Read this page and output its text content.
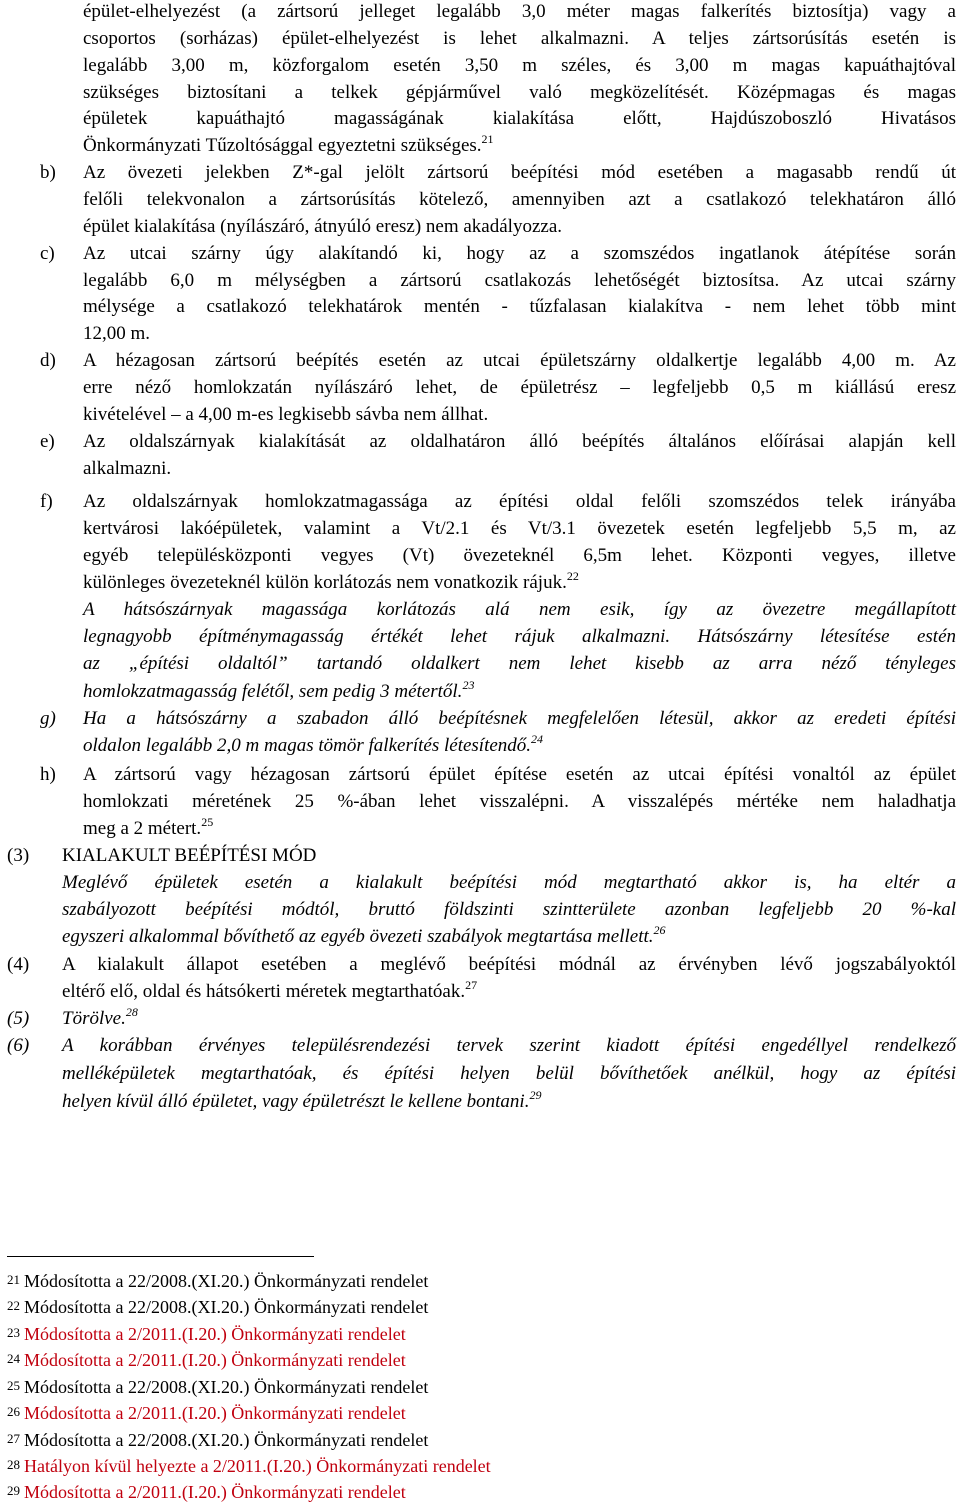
épület-elhelyezést (a zártsorú jelleget legalább 3,0 méter magas falkerítés biztosítja) vagy a
csoportos (sorházas) épület-elhelyezést is lehet alkalmazni. A teljes zártsorúsítás esetén is
legalább 3,00 m, közforgalom esetén 3,50 m széles, és 3,00 m magas kapuáthajtóval
szükséges biztosítani a telkek gépjárművel való megközelítését. Középmagas és magas
épületek kapuáthajtó magasságának kialakítása előtt, Hajdúszoboszló Hivatásos
Önkormányzati Tűzoltósággal egyeztetni szükséges.$^{21}$
b) Az övezeti jelekben Z*-gal jelölt zártsorú beépítési mód esetében a magasabb rendű út
felőli telekvonalon a zártsorúsítás kötelező, amennyiben azt a csatlakozó telekhatáron álló
épület kialakítása (nyílászáró, átnyúló eresz) nem akadályozza.
c) Az utcai szárny úgy alakítandó ki, hogy az a szomszédos ingatlanok átépítése során
legalább 6,0 m mélységben a zártsorú csatlakozás lehetőségét biztosítsa. Az utcai szárny
mélysége a csatlakozó telekhatárok mentén - tűzfalasan kialakítva - nem lehet több mint
12,00 m.
d) A hézagosan zártsorú beépítés esetén az utcai épületszárny oldalkertje legalább 4,00 m. Az
erre néző homlokzatán nyílászáró lehet, de épületrész – legfeljebb 0,5 m kiállású eresz
kivételével – a 4,00 m-es legkisebb sávba nem állhat.
e) Az oldalszárnyak kialakítását az oldalhatáron álló beépítés általános előírásai alapján kell
alkalmazni.
f) Az oldalszárnyak homlokzatmagassága az építési oldal felőli szomszédos telek irányába
kertvárosi lakóépületek, valamint a Vt/2.1 és Vt/3.1 övezetek esetén legfeljebb 5,5 m, az
egyéb településközponti vegyes (Vt) övezeteknél 6,5m lehet. Központi vegyes, illetve
különleges övezeteknél külön korlátozás nem vonatkozik rájuk.$^{22}$
A hátsószárnyak magassága korlátozás alá nem esik, így az övezetre megállapított
legnagyobb építménymagasság értékét lehet rájuk alkalmazni. Hátsószárny létesítése estén
az „építési oldaltól” tartandó oldalkert nem lehet kisebb az arra néző tényleges
homlokzatmagasság felétől, sem pedig 3 métertől.$^{23}$
g) Ha a hátsószárny a szabadon álló beépítésnek megfelelően létesül, akkor az eredeti építési
oldalon legalább 2,0 m magas tömör falkerítés létesítendő.$^{24}$
h) A zártsorú vagy hézagosan zártsorú épület építése esetén az utcai építési vonaltól az épület
homlokzati méretének 25 %-ában lehet visszalépni. A visszalépés mértéke nem haladhatja
meg a 2 métert.$^{25}$
(3) KIALAKULT BEÉPÍTÉSI MÓD
Meglévő épületek esetén a kialakult beépítési mód megtartható akkor is, ha eltér a
szabályozott beépítési módtól, bruttó földszinti szintterülete azonban legfeljebb 20 %-kal
egyszeri alkalommal bővíthető az egyéb övezeti szabályok megtartása mellett.$^{26}$
(4) A kialakult állapot esetében a meglévő beépítési módnál az érvényben lévő jogszabályoktól
eltérő elő, oldal és hátsókerti méretek megtarthatóak.$^{27}$
(5) Törölve.$^{28}$
(6) A korábban érvényes településrendezési tervek szerint kiadott építési engedéllyel rendelkező
melléképületek megtarthatóak, és építési helyen belül bővíthetőek anélkül, hogy az építési
helyen kívül álló épületet, vagy épületrészt le kellene bontani.$^{29}$
21 Módosította a 22/2008.(XI.20.) Önkormányzati rendelet
22 Módosította a 22/2008.(XI.20.) Önkormányzati rendelet
23 Módosította a 2/2011.(I.20.) Önkormányzati rendelet
24 Módosította a 2/2011.(I.20.) Önkormányzati rendelet
25 Módosította a 22/2008.(XI.20.) Önkormányzati rendelet
26 Módosította a 2/2011.(I.20.) Önkormányzati rendelet
27 Módosította a 22/2008.(XI.20.) Önkormányzati rendelet
28 Hatályon kívül helyezte a 2/2011.(I.20.) Önkormányzati rendelet
29 Módosította a 2/2011.(I.20.) Önkormányzati rendelet
